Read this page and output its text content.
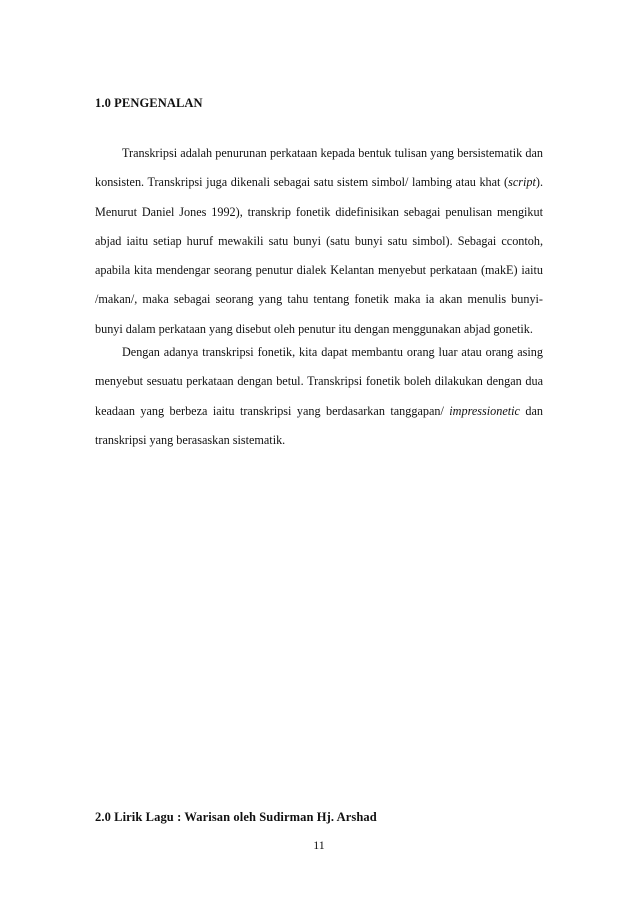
1.0 PENGENALAN
Transkripsi adalah penurunan perkataan kepada bentuk tulisan yang bersistematik dan konsisten. Transkripsi juga dikenali sebagai satu sistem simbol/ lambing atau khat (script). Menurut Daniel Jones 1992), transkrip fonetik didefinisikan sebagai penulisan mengikut abjad iaitu setiap huruf mewakili satu bunyi (satu bunyi satu simbol). Sebagai ccontoh, apabila kita mendengar seorang penutur dialek Kelantan menyebut perkataan (makE) iaitu /makan/, maka sebagai seorang yang tahu tentang fonetik maka ia akan menulis bunyi-bunyi dalam perkataan yang disebut oleh penutur itu dengan menggunakan abjad gonetik.
Dengan adanya transkripsi fonetik, kita dapat membantu orang luar atau orang asing menyebut sesuatu perkataan dengan betul. Transkripsi fonetik boleh dilakukan dengan dua keadaan yang berbeza iaitu transkripsi yang berdasarkan tanggapan/ impressionetic dan transkripsi yang berasaskan sistematik.
2.0 Lirik Lagu : Warisan oleh Sudirman Hj. Arshad
11
